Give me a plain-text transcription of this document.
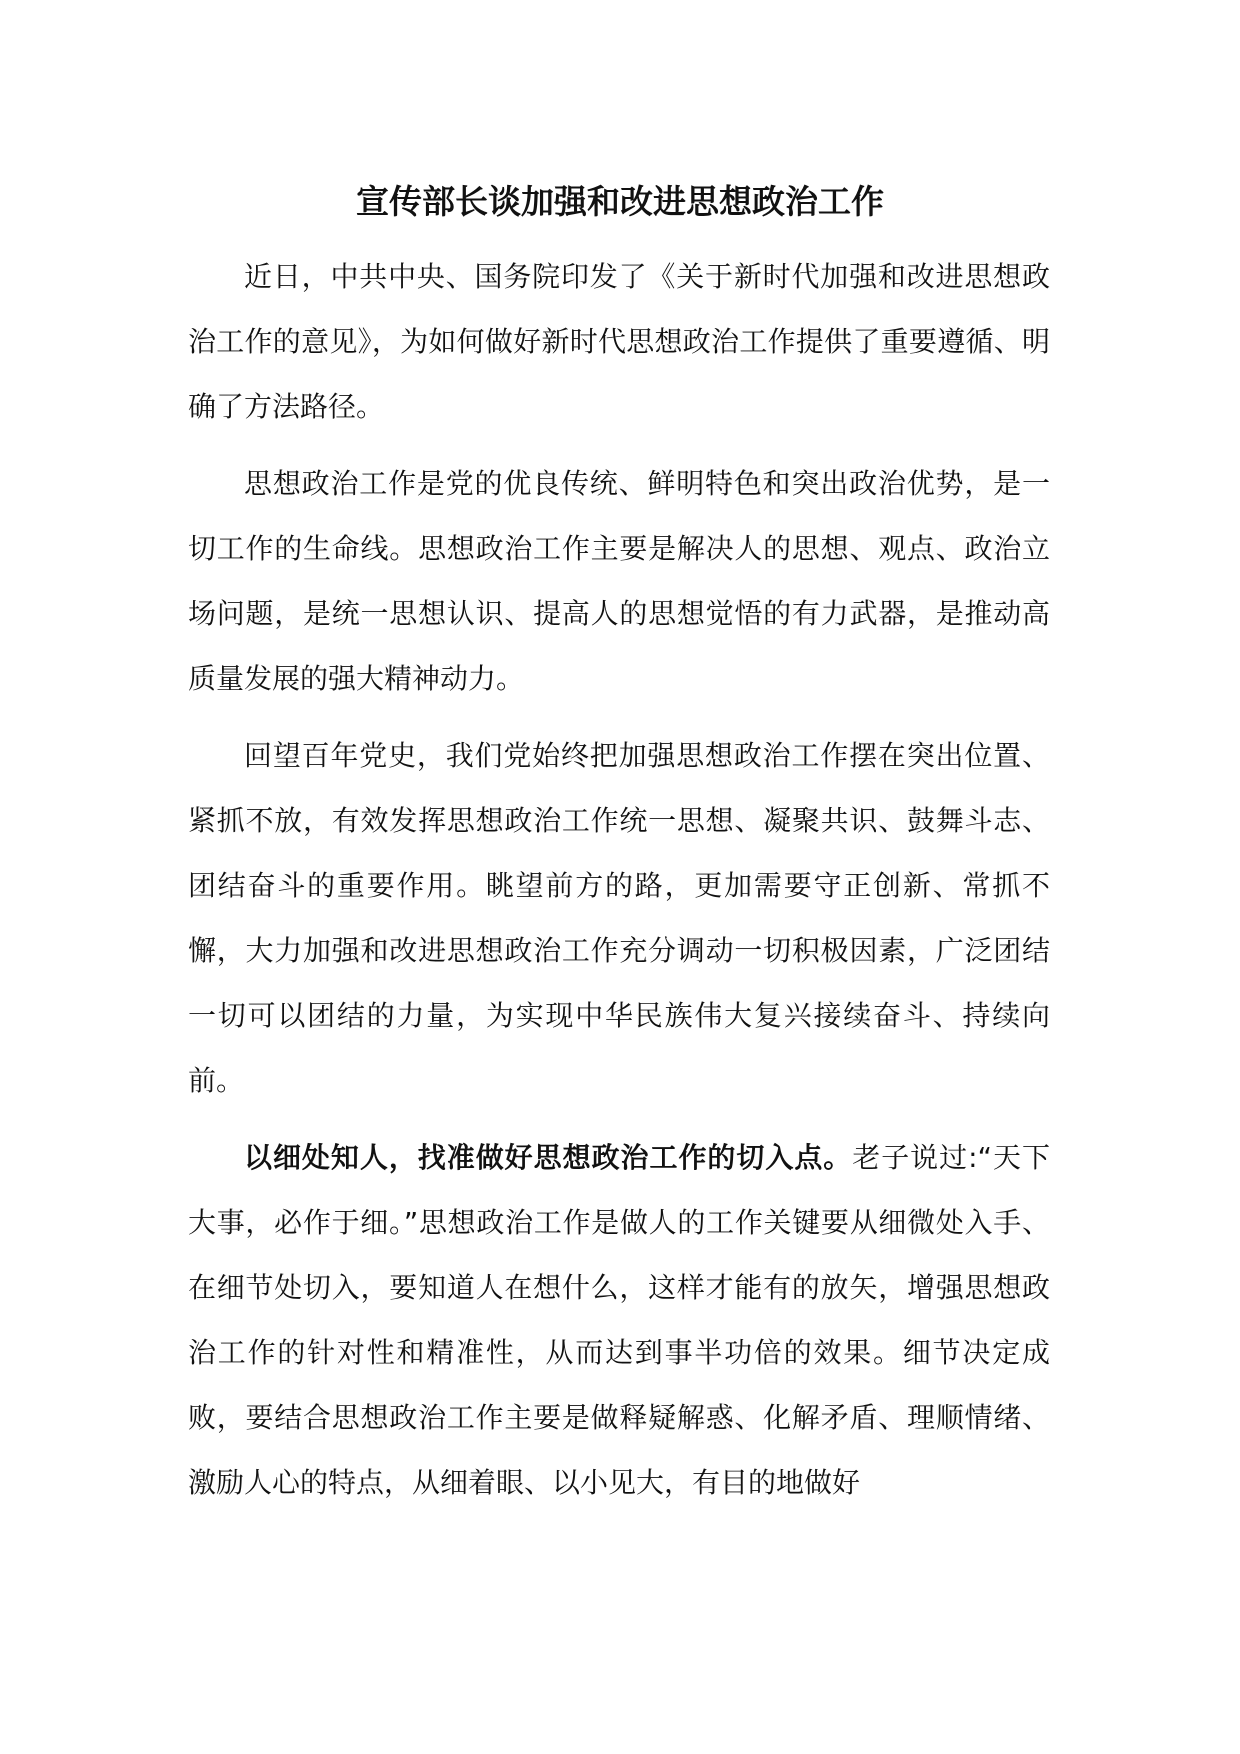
宣传部长谈加强和改进思想政治工作

近日，中共中央、国务院印发了《关于新时代加强和改进思想政治工作的意见》，为如何做好新时代思想政治工作提供了重要遵循、明确了方法路径。

思想政治工作是党的优良传统、鲜明特色和突出政治优势，是一切工作的生命线。思想政治工作主要是解决人的思想、观点、政治立场问题，是统一思想认识、提高人的思想觉悟的有力武器，是推动高质量发展的强大精神动力。

回望百年党史，我们党始终把加强思想政治工作摆在突出位置、紧抓不放，有效发挥思想政治工作统一思想、凝聚共识、鼓舞斗志、团结奋斗的重要作用。眺望前方的路，更加需要守正创新、常抓不懈，大力加强和改进思想政治工作充分调动一切积极因素，广泛团结一切可以团结的力量，为实现中华民族伟大复兴接续奋斗、持续向前。

以细处知人，找准做好思想政治工作的切入点。老子说过:“天下大事，必作于细。”思想政治工作是做人的工作关键要从细微处入手、在细节处切入，要知道人在想什么，这样才能有的放矢，增强思想政治工作的针对性和精准性，从而达到事半功倍的效果。细节决定成败，要结合思想政治工作主要是做释疑解惑、化解矛盾、理顺情绪、激励人心的特点，从细着眼、以小见大，有目的地做好
